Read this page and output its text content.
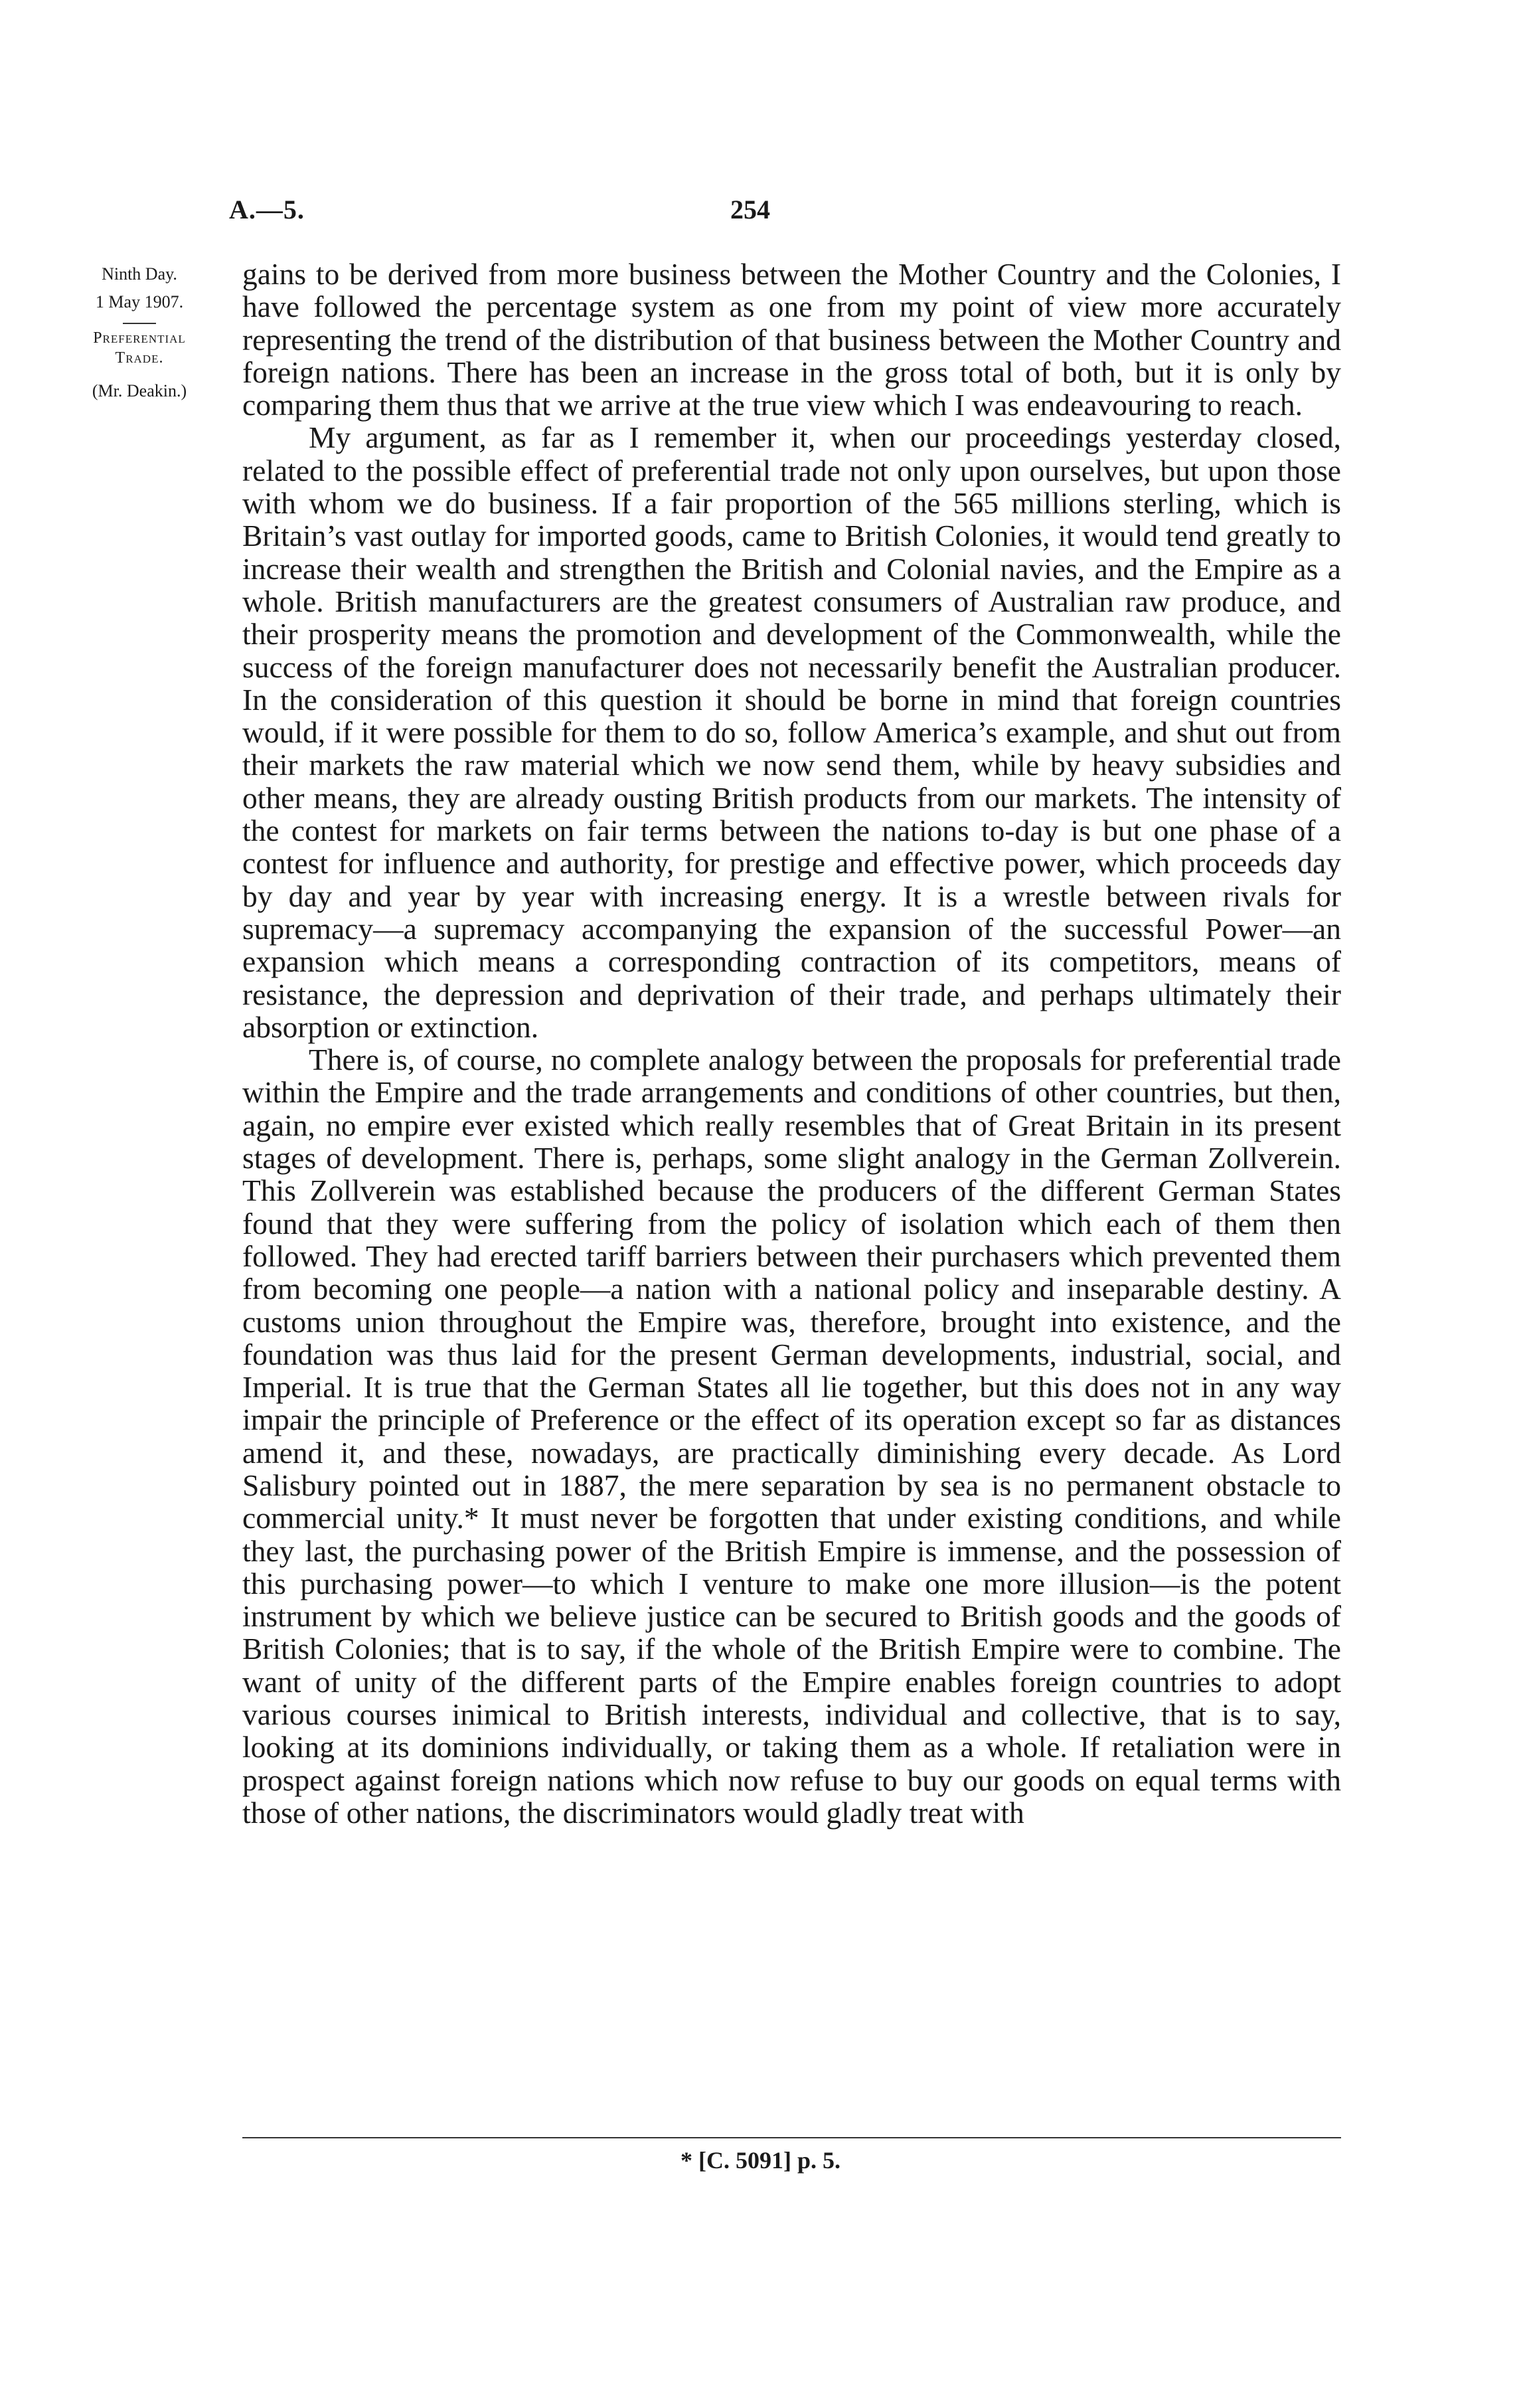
A.—5.	254
Ninth Day.
1 May 1907.
Preferential
Trade.
(Mr. Deakin.)

gains to be derived from more business between the Mother Country and the Colonies, I have followed the percentage system as one from my point of view more accurately representing the trend of the distribution of that business between the Mother Country and foreign nations. There has been an increase in the gross total of both, but it is only by comparing them thus that we arrive at the true view which I was endeavouring to reach.

My argument, as far as I remember it, when our proceedings yesterday closed, related to the possible effect of preferential trade not only upon ourselves, but upon those with whom we do business. If a fair proportion of the 565 millions sterling, which is Britain’s vast outlay for imported goods, came to British Colonies, it would tend greatly to increase their wealth and strengthen the British and Colonial navies, and the Empire as a whole. British manufacturers are the greatest consumers of Australian raw produce, and their prosperity means the promotion and development of the Commonwealth, while the success of the foreign manufacturer does not necessarily benefit the Australian producer. In the consideration of this question it should be borne in mind that foreign countries would, if it were possible for them to do so, follow America’s example, and shut out from their markets the raw material which we now send them, while by heavy subsidies and other means, they are already ousting British products from our markets. The intensity of the contest for markets on fair terms between the nations to-day is but one phase of a contest for influence and authority, for prestige and effective power, which proceeds day by day and year by year with increasing energy. It is a wrestle between rivals for supremacy—a supremacy accompanying the expansion of the successful Power—an expansion which means a corresponding contraction of its competitors, means of resistance, the depression and deprivation of their trade, and perhaps ultimately their absorption or extinction.

There is, of course, no complete analogy between the proposals for preferential trade within the Empire and the trade arrangements and conditions of other countries, but then, again, no empire ever existed which really resembles that of Great Britain in its present stages of development. There is, perhaps, some slight analogy in the German Zollverein. This Zollverein was established because the producers of the different German States found that they were suffering from the policy of isolation which each of them then followed. They had erected tariff barriers between their purchasers which prevented them from becoming one people—a nation with a national policy and inseparable destiny. A customs union throughout the Empire was, therefore, brought into existence, and the foundation was thus laid for the present German developments, industrial, social, and Imperial. It is true that the German States all lie together, but this does not in any way impair the principle of Preference or the effect of its operation except so far as distances amend it, and these, nowadays, are practically diminishing every decade. As Lord Salisbury pointed out in 1887, the mere separation by sea is no permanent obstacle to commercial unity.* It must never be forgotten that under existing conditions, and while they last, the purchasing power of the British Empire is immense, and the possession of this purchasing power—to which I venture to make one more illusion—is the potent instrument by which we believe justice can be secured to British goods and the goods of British Colonies; that is to say, if the whole of the British Empire were to combine. The want of unity of the different parts of the Empire enables foreign countries to adopt various courses inimical to British interests, individual and collective, that is to say, looking at its dominions individually, or taking them as a whole. If retaliation were in prospect against foreign nations which now refuse to buy our goods on equal terms with those of other nations, the discriminators would gladly treat with

* [C. 5091] p. 5.
